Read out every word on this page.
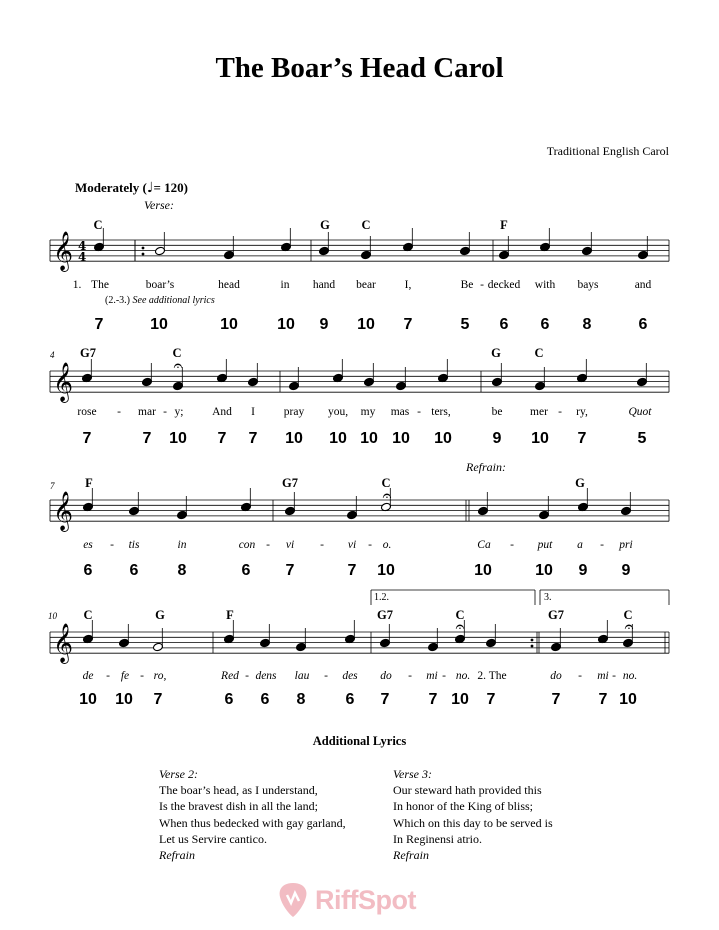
The Boar’s Head Carol
Traditional English Carol
Moderately (♩= 120)
Verse:
Refrain:
4
7
10
𝄞
𝄞
𝄞
𝄞
4
4
C	G	C	F
1. The	boar’s	head	in hand bear I,	Be - decked with bays	and
(2.-3.) See additional lyrics
7	10	10 10 9 10 7	5 6 6 8	6
G7	C	G	C
𝄐
rose - mar - y; And I	pray you, my mas - ters,	be mer - ry,	Quot
7	7 10 7 7 10 10 10 10 10	9 10 7	5
F	G7	C	G
𝄐
es - tis	in	con - vi - vi - o.	Ca - put a - pri
6 6 8	6 7	7 10	10	10 9 9
1.2.	3.
C	G	F	G7	C	G7	C
𝄐	𝄐
de - fe - ro,	Red - dens lau - des do - mi - no. 2. The	do - mi - no.
10 10 7	6 6 8	6 7 7 10 7	7 7 10
Additional Lyrics
Verse 2:
The boar’s head, as I understand,
Is the bravest dish in all the land;
When thus bedecked with gay garland,
Let us Servire cantico.
Refrain
Verse 3:
Our steward hath provided this
In honor of the King of bliss;
Which on this day to be served is
In Reginensi atrio.
Refrain
RiffSpot
